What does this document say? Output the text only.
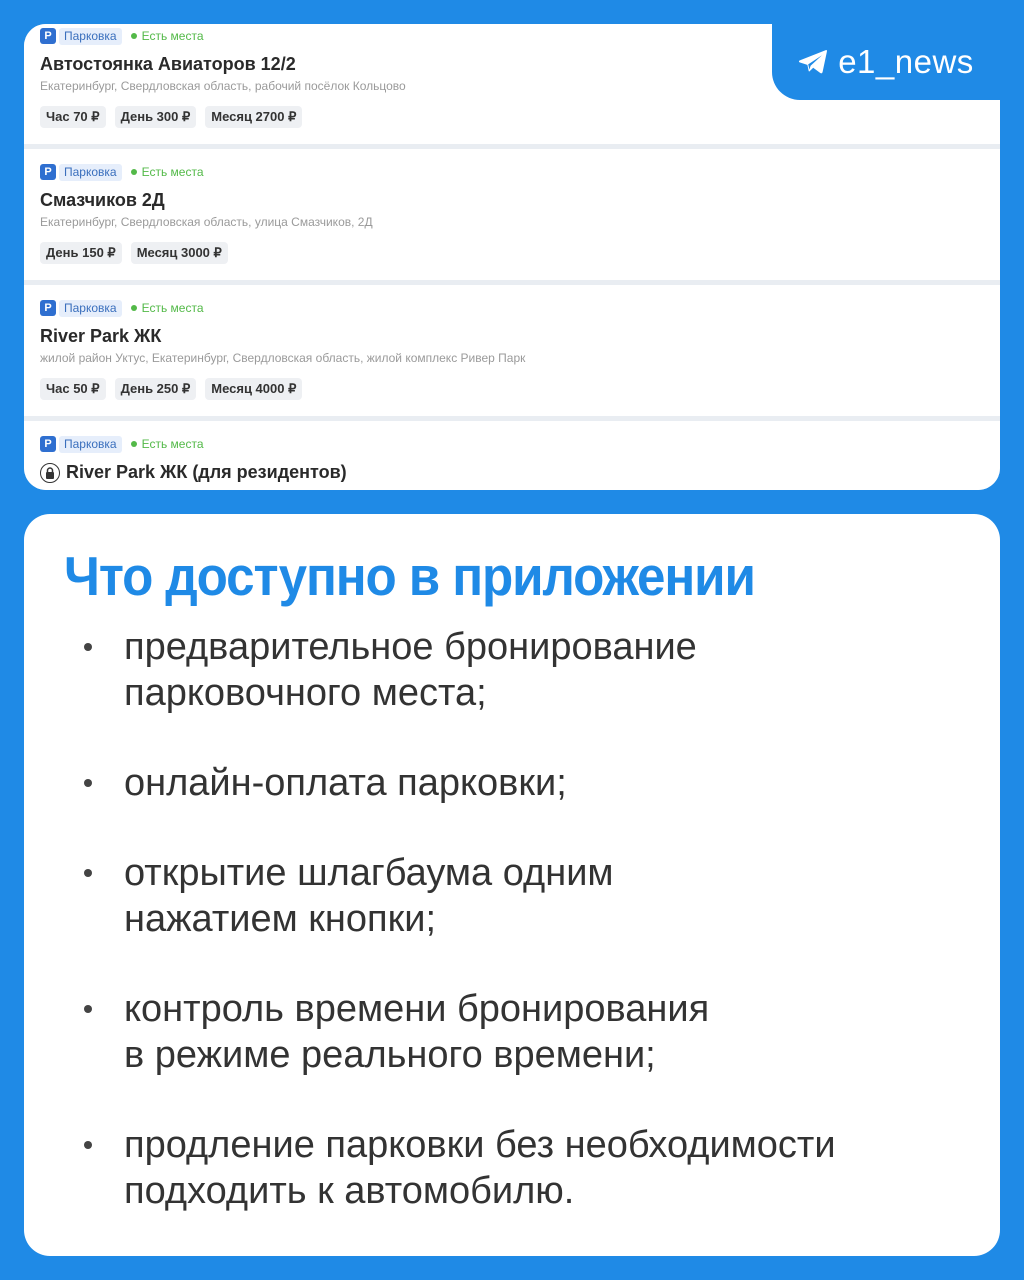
P	Парковка	Есть места
Автостоянка Авиаторов 12/2
Екатеринбург, Свердловская область, рабочий посёлок Кольцово
Час 70 ₽	День 300 ₽	Месяц 2700 ₽
P	Парковка	Есть места
Смазчиков 2Д
Екатеринбург, Свердловская область, улица Смазчиков, 2Д
День 150 ₽	Месяц 3000 ₽
P	Парковка	Есть места
River Park ЖК
жилой район Уктус, Екатеринбург, Свердловская область, жилой комплекс Ривер Парк
Час 50 ₽	День 250 ₽	Месяц 4000 ₽
P	Парковка	Есть места
River Park ЖК (для резидентов)
e1_news
Что доступно в приложении
предварительное бронирование
парковочного места;
онлайн-оплата парковки;
открытие шлагбаума одним
нажатием кнопки;
контроль времени бронирования
в режиме реального времени;
продление парковки без необходимости
подходить к автомобилю.
